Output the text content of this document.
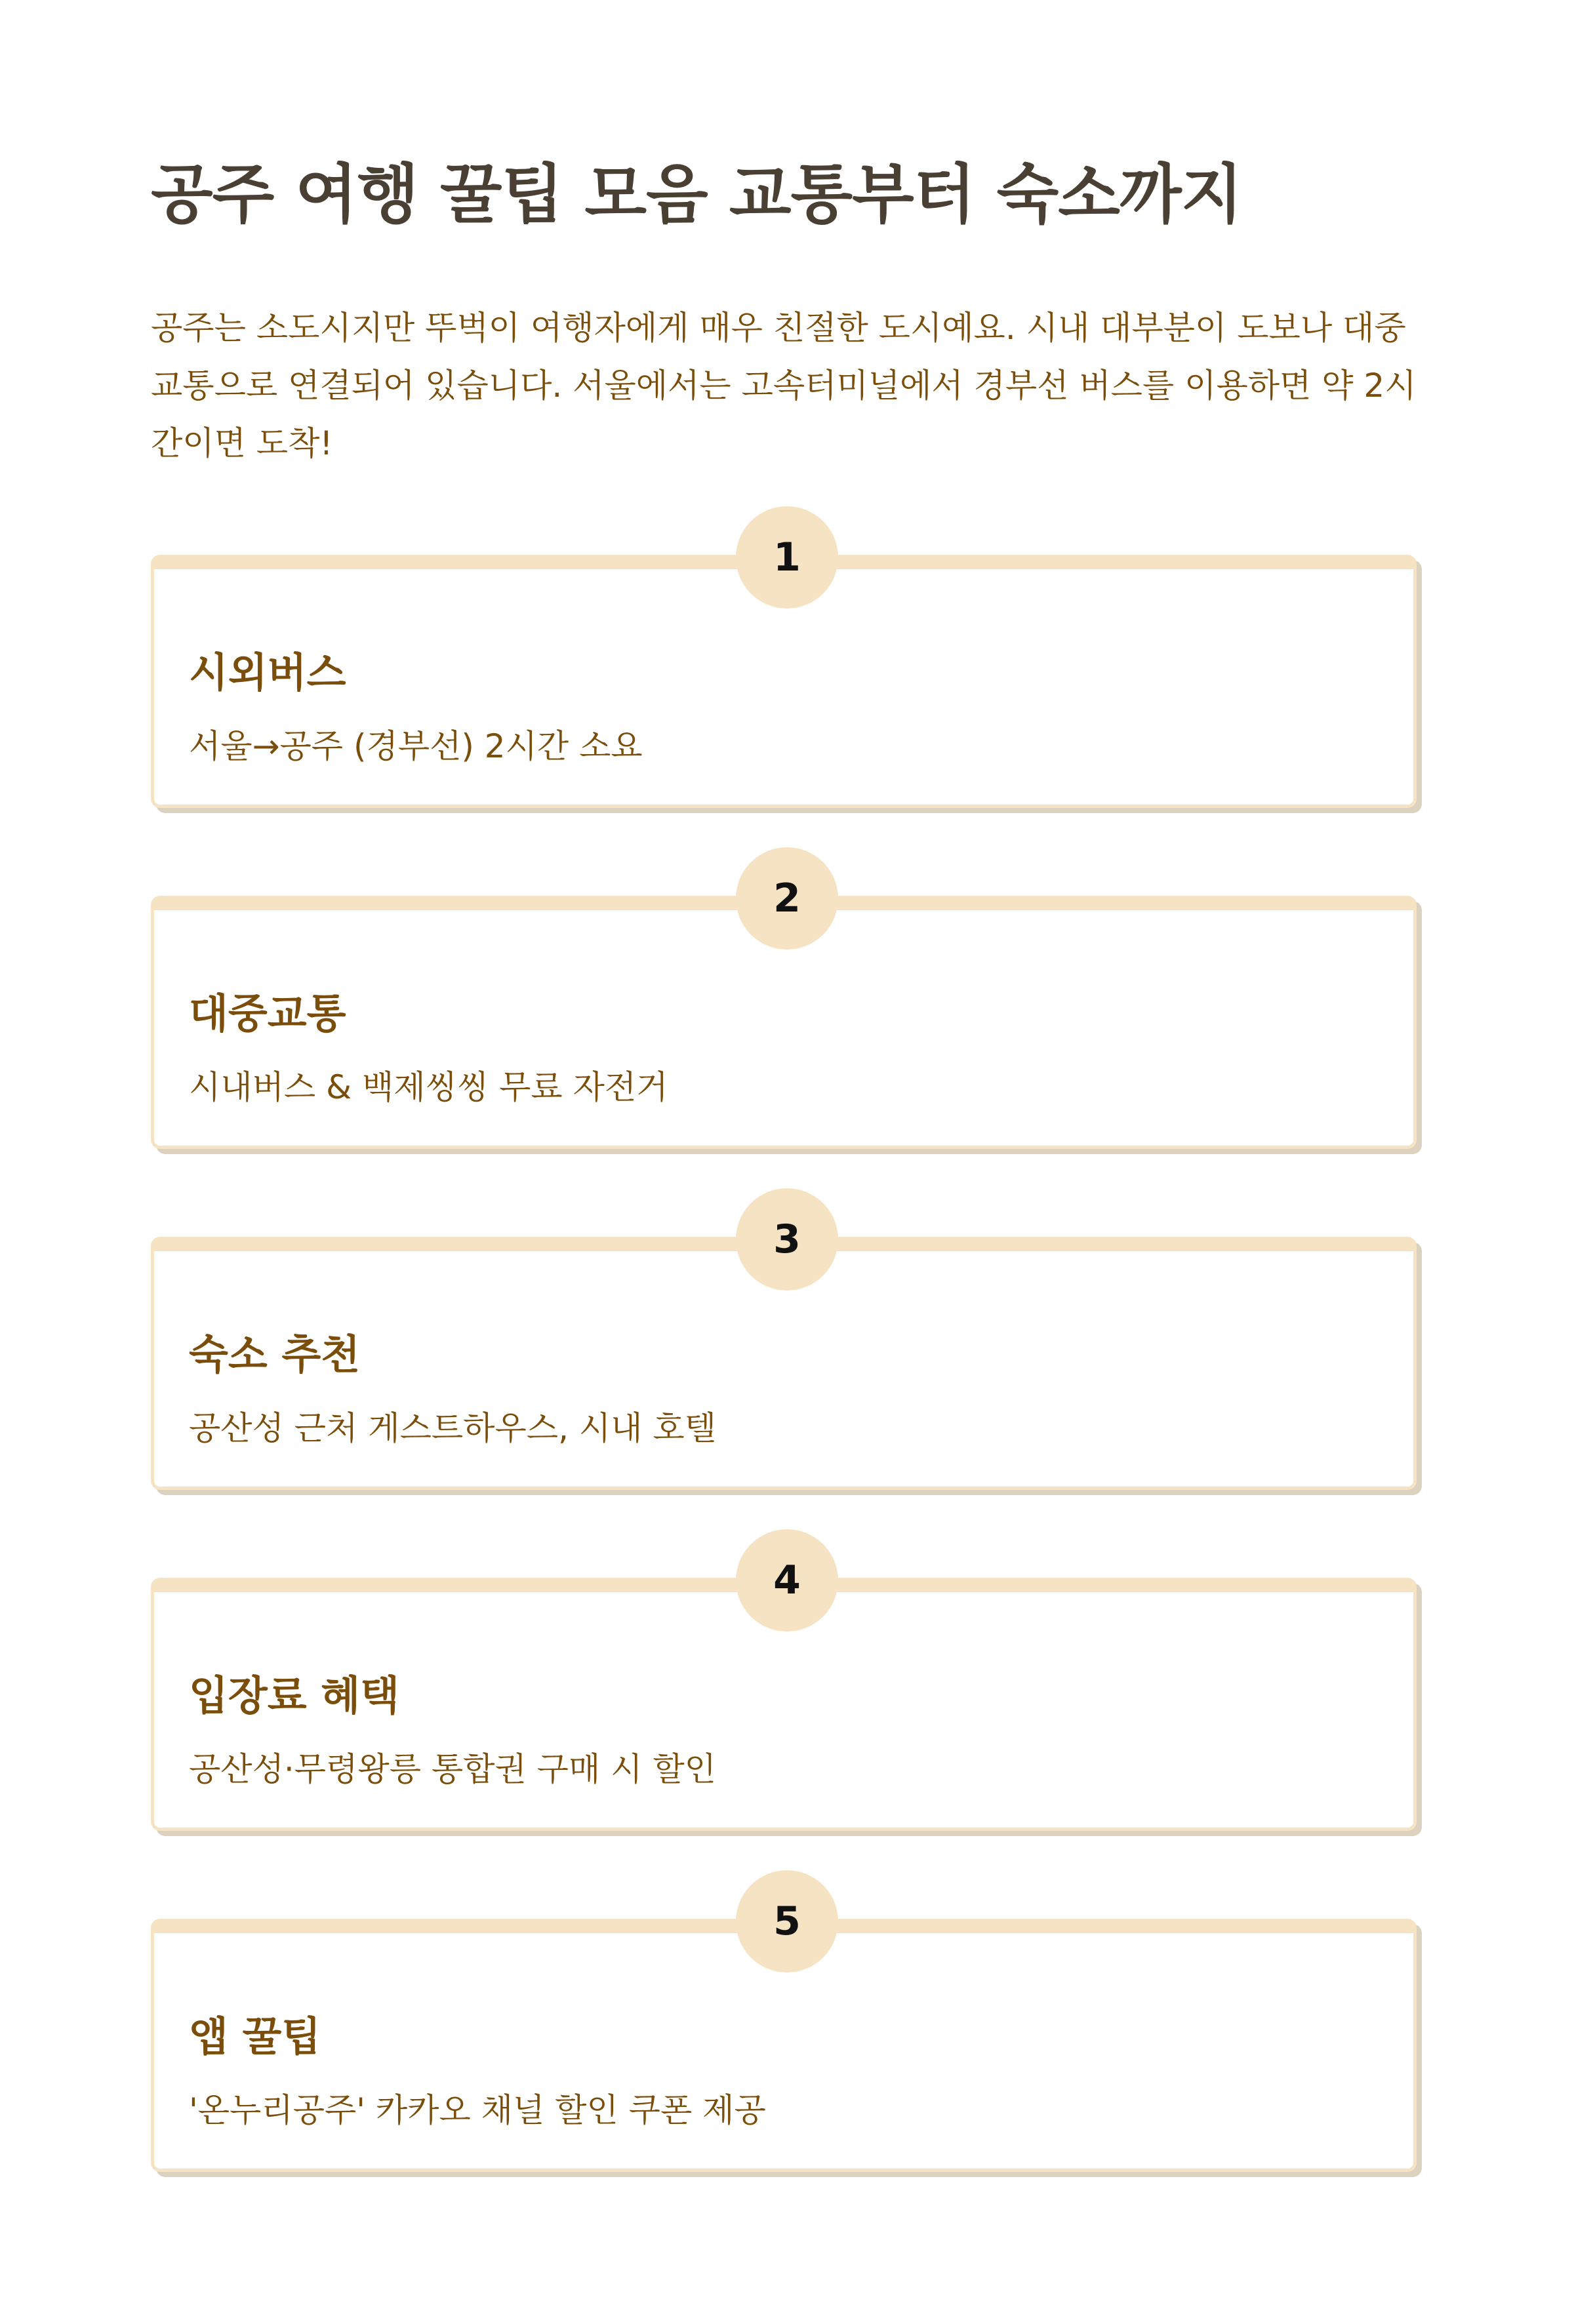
공주 여행 꿀팁 모음 교통부터 숙소까지

공주는 소도시지만 뚜벅이 여행자에게 매우 친절한 도시예요. 시내 대부분이 도보나 대중교통으로 연결되어 있습니다. 서울에서는 고속터미널에서 경부선 버스를 이용하면 약 2시간이면 도착!

1
시외버스

서울→공주 (경부선) 2시간 소요

2
대중교통

시내버스 & 백제씽씽 무료 자전거

3
숙소 추천

공산성 근처 게스트하우스, 시내 호텔

4
입장료 혜택

공산성·무령왕릉 통합권 구매 시 할인

5
앱 꿀팁

'온누리공주' 카카오 채널 할인 쿠폰 제공
